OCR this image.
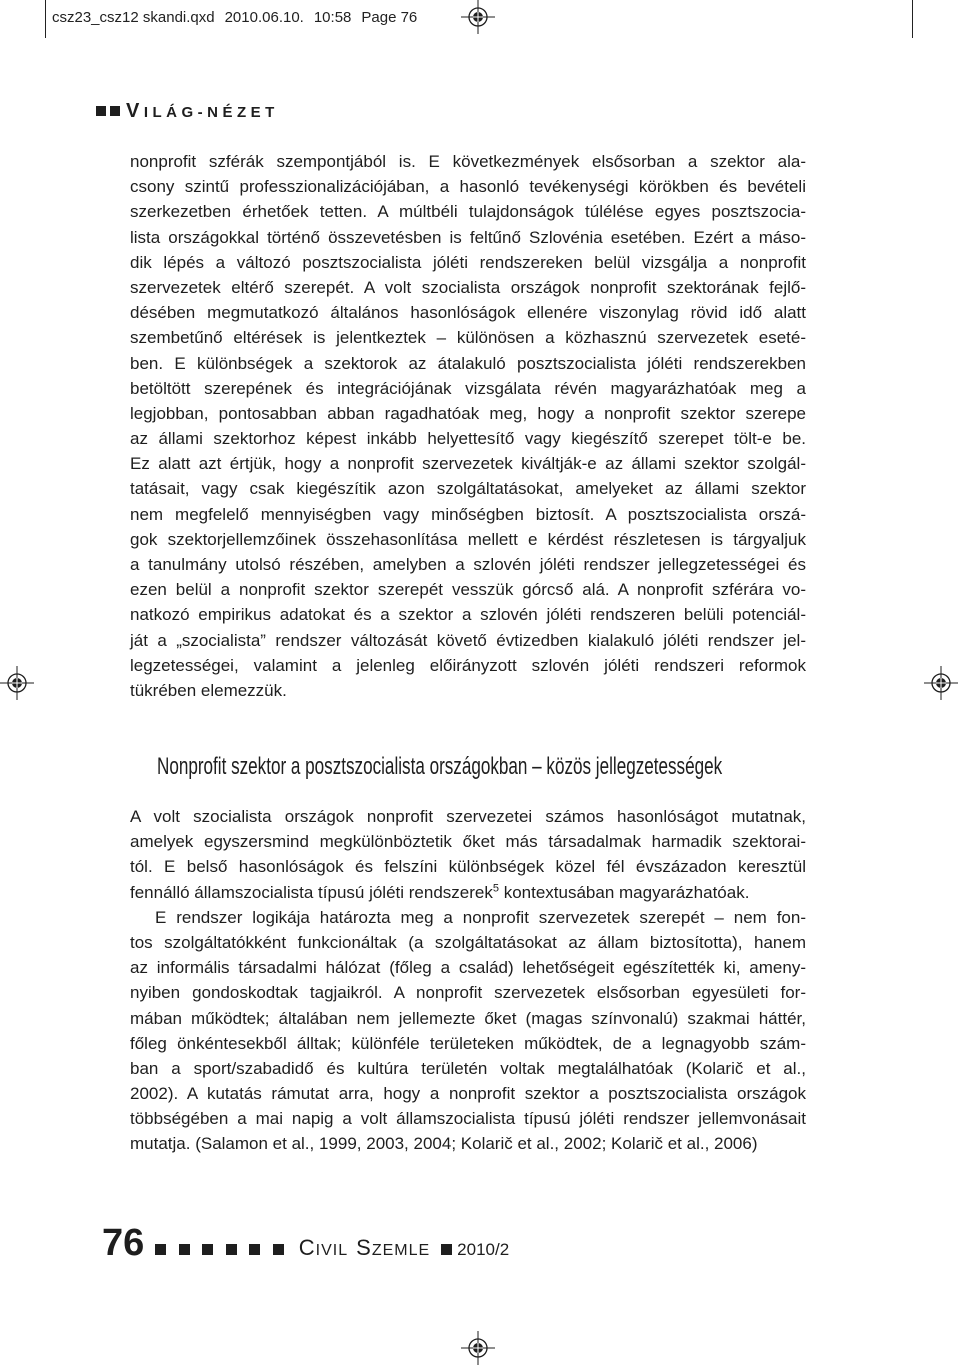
csz23_csz12 skandi.qxd 2010.06.10. 10:58 Page 76
VILÁG-NÉZET
nonprofit szférák szempontjából is. E következmények elsősorban a szektor ala-
csony szintű professzionalizációjában, a hasonló tevékenységi körökben és bevételi
szerkezetben érhetőek tetten. A múltbéli tulajdonságok túlélése egyes posztszocia-
lista országokkal történő összevetésben is feltűnő Szlovénia esetében. Ezért a máso-
dik lépés a változó posztszocialista jóléti rendszereken belül vizsgálja a nonprofit
szervezetek eltérő szerepét. A volt szocialista országok nonprofit szektorának fejlő-
désében megmutatkozó általános hasonlóságok ellenére viszonylag rövid idő alatt
szembetűnő eltérések is jelentkeztek – különösen a közhasznú szervezetek eseté-
ben. E különbségek a szektorok az átalakuló posztszocialista jóléti rendszerekben
betöltött szerepének és integrációjának vizsgálata révén magyarázhatóak meg a
legjobban, pontosabban abban ragadhatóak meg, hogy a nonprofit szektor szerepe
az állami szektorhoz képest inkább helyettesítő vagy kiegészítő szerepet tölt-e be.
Ez alatt azt értjük, hogy a nonprofit szervezetek kiváltják-e az állami szektor szolgál-
tatásait, vagy csak kiegészítik azon szolgáltatásokat, amelyeket az állami szektor
nem megfelelő mennyiségben vagy minőségben biztosít. A posztszocialista orszá-
gok szektorjellemzőinek összehasonlítása mellett e kérdést részletesen is tárgyaljuk
a tanulmány utolsó részében, amelyben a szlovén jóléti rendszer jellegzetességei és
ezen belül a nonprofit szektor szerepét vesszük górcső alá. A nonprofit szférára vo-
natkozó empirikus adatokat és a szektor a szlovén jóléti rendszeren belüli potenciál-
ját a „szocialista” rendszer változását követő évtizedben kialakuló jóléti rendszer jel-
legzetességei, valamint a jelenleg előirányzott szlovén jóléti rendszeri reformok
tükrében elemezzük.
Nonprofit szektor a posztszocialista országokban – közös jellegzetességek
A volt szocialista országok nonprofit szervezetei számos hasonlóságot mutatnak,
amelyek egyszersmind megkülönböztetik őket más társadalmak harmadik szektorai-
tól. E belső hasonlóságok és felszíni különbségek közel fél évszázadon keresztül
fennálló államszocialista típusú jóléti rendszerek$^5$ kontextusában magyarázhatóak.
E rendszer logikája határozta meg a nonprofit szervezetek szerepét – nem fon-
tos szolgáltatókként funkcionáltak (a szolgáltatásokat az állam biztosította), hanem
az informális társadalmi hálózat (főleg a család) lehetőségeit egészítették ki, ameny-
nyiben gondoskodtak tagjaikról. A nonprofit szervezetek elsősorban egyesületi for-
mában működtek; általában nem jellemezte őket (magas színvonalú) szakmai háttér,
főleg önkéntesekből álltak; különféle területeken működtek, de a legnagyobb szám-
ban a sport/szabadidő és kultúra területén voltak megtalálhatóak (Kolarič et al.,
2002). A kutatás rámutat arra, hogy a nonprofit szektor a posztszocialista országok
többségében a mai napig a volt államszocialista típusú jóléti rendszer jellemvonásait
mutatja. (Salamon et al., 1999, 2003, 2004; Kolarič et al., 2002; Kolarič et al., 2006)
76	CIVIL SZEMLE 2010/2
